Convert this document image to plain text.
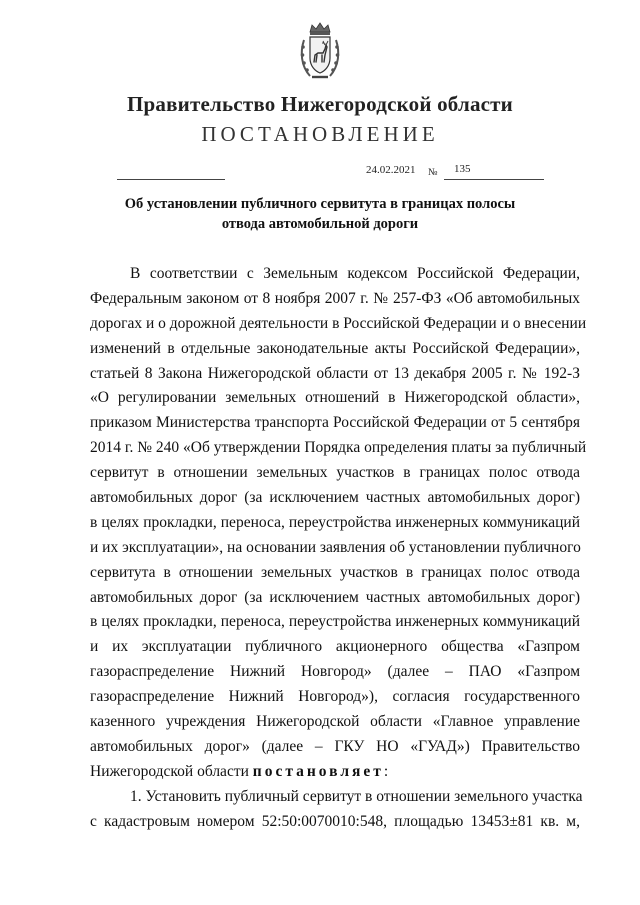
Правительство Нижегородской области
ПОСТАНОВЛЕНИЕ
24.02.2021 № 135
Об установлении публичного сервитута в границах полосы
отвода автомобильной дороги
В соответствии с Земельным кодексом Российской Федерации,
Федеральным законом от 8 ноября 2007 г. № 257-ФЗ «Об автомобильных
дорогах и о дорожной деятельности в Российской Федерации и о внесении
изменений в отдельные законодательные акты Российской Федерации»,
статьей 8 Закона Нижегородской области от 13 декабря 2005 г. № 192-З
«О регулировании земельных отношений в Нижегородской области»,
приказом Министерства транспорта Российской Федерации от 5 сентября
2014 г. № 240 «Об утверждении Порядка определения платы за публичный
сервитут в отношении земельных участков в границах полос отвода
автомобильных дорог (за исключением частных автомобильных дорог)
в целях прокладки, переноса, переустройства инженерных коммуникаций
и их эксплуатации», на основании заявления об установлении публичного
сервитута в отношении земельных участков в границах полос отвода
автомобильных дорог (за исключением частных автомобильных дорог)
в целях прокладки, переноса, переустройства инженерных коммуникаций
и их эксплуатации публичного акционерного общества «Газпром
газораспределение Нижний Новгород» (далее – ПАО «Газпром
газораспределение Нижний Новгород»), согласия государственного
казенного учреждения Нижегородской области «Главное управление
автомобильных дорог» (далее – ГКУ НО «ГУАД») Правительство
Нижегородской области постановляет:
1. Установить публичный сервитут в отношении земельного участка
с кадастровым номером 52:50:0070010:548, площадью 13453±81 кв. м,
